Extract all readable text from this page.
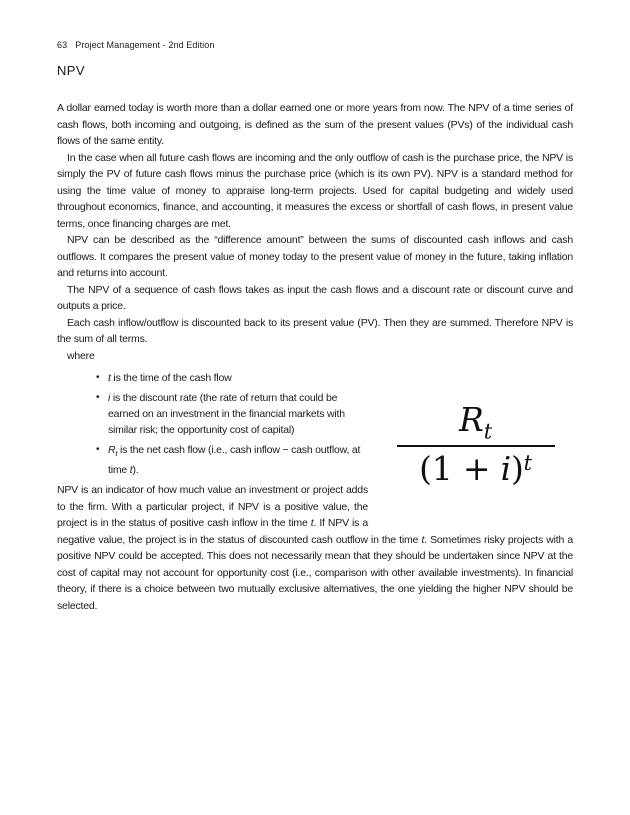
63 Project Management - 2nd Edition
NPV

A dollar earned today is worth more than a dollar earned one or more years from now. The NPV of a time series of cash flows, both incoming and outgoing, is defined as the sum of the present values (PVs) of the individual cash flows of the same entity.

In the case when all future cash flows are incoming and the only outflow of cash is the purchase price, the NPV is simply the PV of future cash flows minus the purchase price (which is its own PV). NPV is a standard method for using the time value of money to appraise long-term projects. Used for capital budgeting and widely used throughout economics, finance, and accounting, it measures the excess or shortfall of cash flows, in present value terms, once financing charges are met.

NPV can be described as the “difference amount” between the sums of discounted cash inflows and cash outflows. It compares the present value of money today to the present value of money in the future, taking inflation and returns into account.

The NPV of a sequence of cash flows takes as input the cash flows and a discount rate or discount curve and outputs a price.

Each cash inflow/outflow is discounted back to its present value (PV). Then they are summed. Therefore NPV is the sum of all terms.

where

$\frac{R_t}{(1 + i)^t}$
• t is the time of the cash flow
• i is the discount rate (the rate of return that could be earned on an investment in the financial markets with similar risk; the opportunity cost of capital)
• $R_t$ is the net cash flow (i.e., cash inflow − cash outflow, at time t).

NPV is an indicator of how much value an investment or project adds to the firm. With a particular project, if NPV is a positive value, the project is in the status of positive cash inflow in the time t. If NPV is a negative value, the project is in the status of discounted cash outflow in the time t. Sometimes risky projects with a positive NPV could be accepted. This does not necessarily mean that they should be undertaken since NPV at the cost of capital may not account for opportunity cost (i.e., comparison with other available investments). In financial theory, if there is a choice between two mutually exclusive alternatives, the one yielding the higher NPV should be selected.
